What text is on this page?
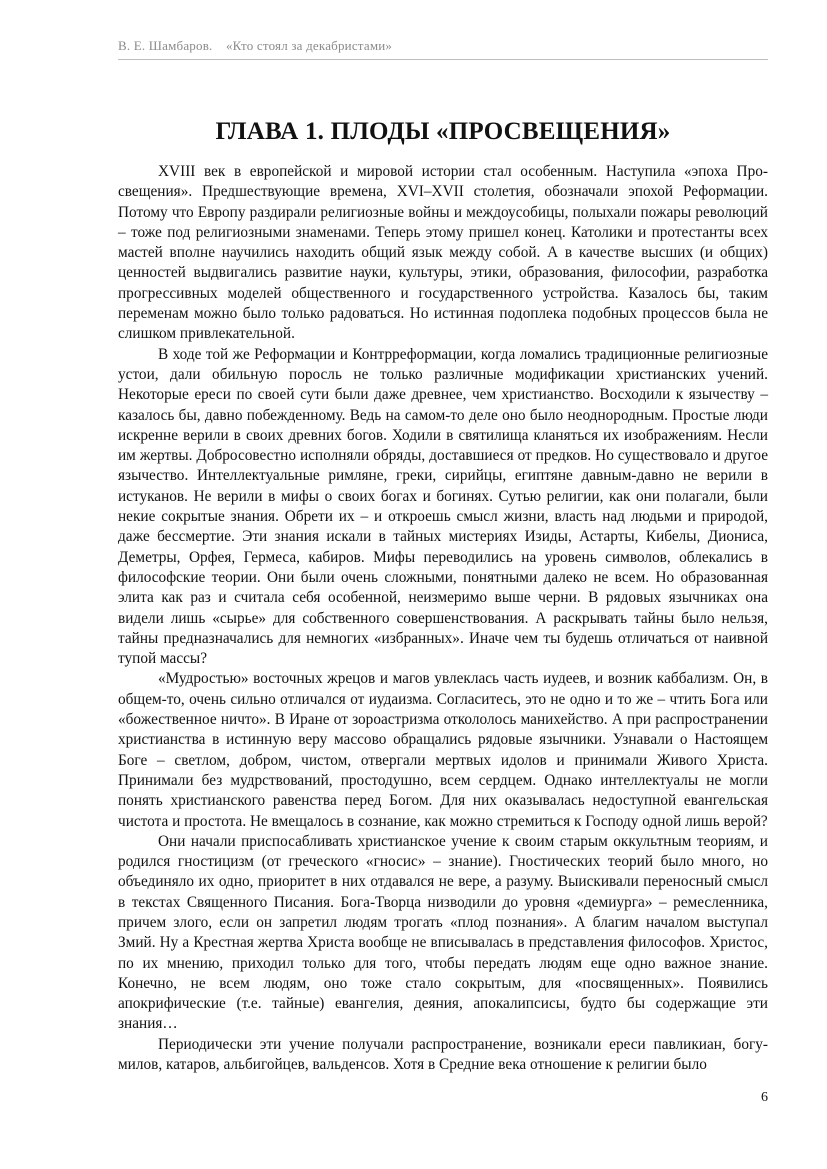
В. Е. Шамбаров. «Кто стоял за декабристами»
ГЛАВА 1. ПЛОДЫ «ПРОСВЕЩЕНИЯ»

XVIII век в европейской и мировой истории стал особенным. Наступила «эпоха Просвещения». Предшествующие времена, XVI–XVII столетия, обозначали эпохой Реформации. Потому что Европу раздирали религиозные войны и междоусобицы, полыхали пожары революций – тоже под религиозными знаменами. Теперь этому пришел конец. Католики и протестанты всех мастей вполне научились находить общий язык между собой. А в качестве высших (и общих) ценностей выдвигались развитие науки, культуры, этики, образования, философии, разработка прогрессивных моделей общественного и государственного устройства. Казалось бы, таким переменам можно было только радоваться. Но истинная подоплека подобных процессов была не слишком привлекательной.

В ходе той же Реформации и Контрреформации, когда ломались традиционные религиозные устои, дали обильную поросль не только различные модификации христианских учений. Некоторые ереси по своей сути были даже древнее, чем христианство. Восходили к язычеству – казалось бы, давно побежденному. Ведь на самом-то деле оно было неоднородным. Простые люди искренне верили в своих древних богов. Ходили в святилища кланяться их изображениям. Несли им жертвы. Добросовестно исполняли обряды, доставшиеся от предков. Но существовало и другое язычество. Интеллектуальные римляне, греки, сирийцы, египтяне давным-давно не верили в истуканов. Не верили в мифы о своих богах и богинях. Сутью религии, как они полагали, были некие сокрытые знания. Обрети их – и откроешь смысл жизни, власть над людьми и природой, даже бессмертие. Эти знания искали в тайных мистериях Изиды, Астарты, Кибелы, Диониса, Деметры, Орфея, Гермеса, кабиров. Мифы переводились на уровень символов, облекались в философские теории. Они были очень сложными, понятными далеко не всем. Но образованная элита как раз и считала себя особенной, неизмеримо выше черни. В рядовых язычниках она видели лишь «сырье» для собственного совершенствования. А раскрывать тайны было нельзя, тайны предназначались для немногих «избранных». Иначе чем ты будешь отличаться от наивной тупой массы?

«Мудростью» восточных жрецов и магов увлеклась часть иудеев, и возник каббализм. Он, в общем-то, очень сильно отличался от иудаизма. Согласитесь, это не одно и то же – чтить Бога или «божественное ничто». В Иране от зороастризма откололось манихейство. А при распространении христианства в истинную веру массово обращались рядовые язычники. Узнавали о Настоящем Боге – светлом, добром, чистом, отвергали мертвых идолов и принимали Живого Христа. Принимали без мудрствований, простодушно, всем сердцем. Однако интеллектуалы не могли понять христианского равенства перед Богом. Для них оказывалась недоступной евангельская чистота и простота. Не вмещалось в сознание, как можно стремиться к Господу одной лишь верой?

Они начали приспосабливать христианское учение к своим старым оккультным теориям, и родился гностицизм (от греческого «гносис» – знание). Гностических теорий было много, но объединяло их одно, приоритет в них отдавался не вере, а разуму. Выискивали переносный смысл в текстах Священного Писания. Бога-Творца низводили до уровня «демиурга» – ремесленника, причем злого, если он запретил людям трогать «плод познания». А благим началом выступал Змий. Ну а Крестная жертва Христа вообще не вписывалась в представления философов. Христос, по их мнению, приходил только для того, чтобы передать людям еще одно важное знание. Конечно, не всем людям, оно тоже стало сокрытым, для «посвященных». Появились апокрифические (т.е. тайные) евангелия, деяния, апокалипсисы, будто бы содержащие эти знания…

Периодически эти учение получали распространение, возникали ереси павликиан, богумилов, катаров, альбигойцев, вальденсов. Хотя в Средние века отношение к религии было

6
